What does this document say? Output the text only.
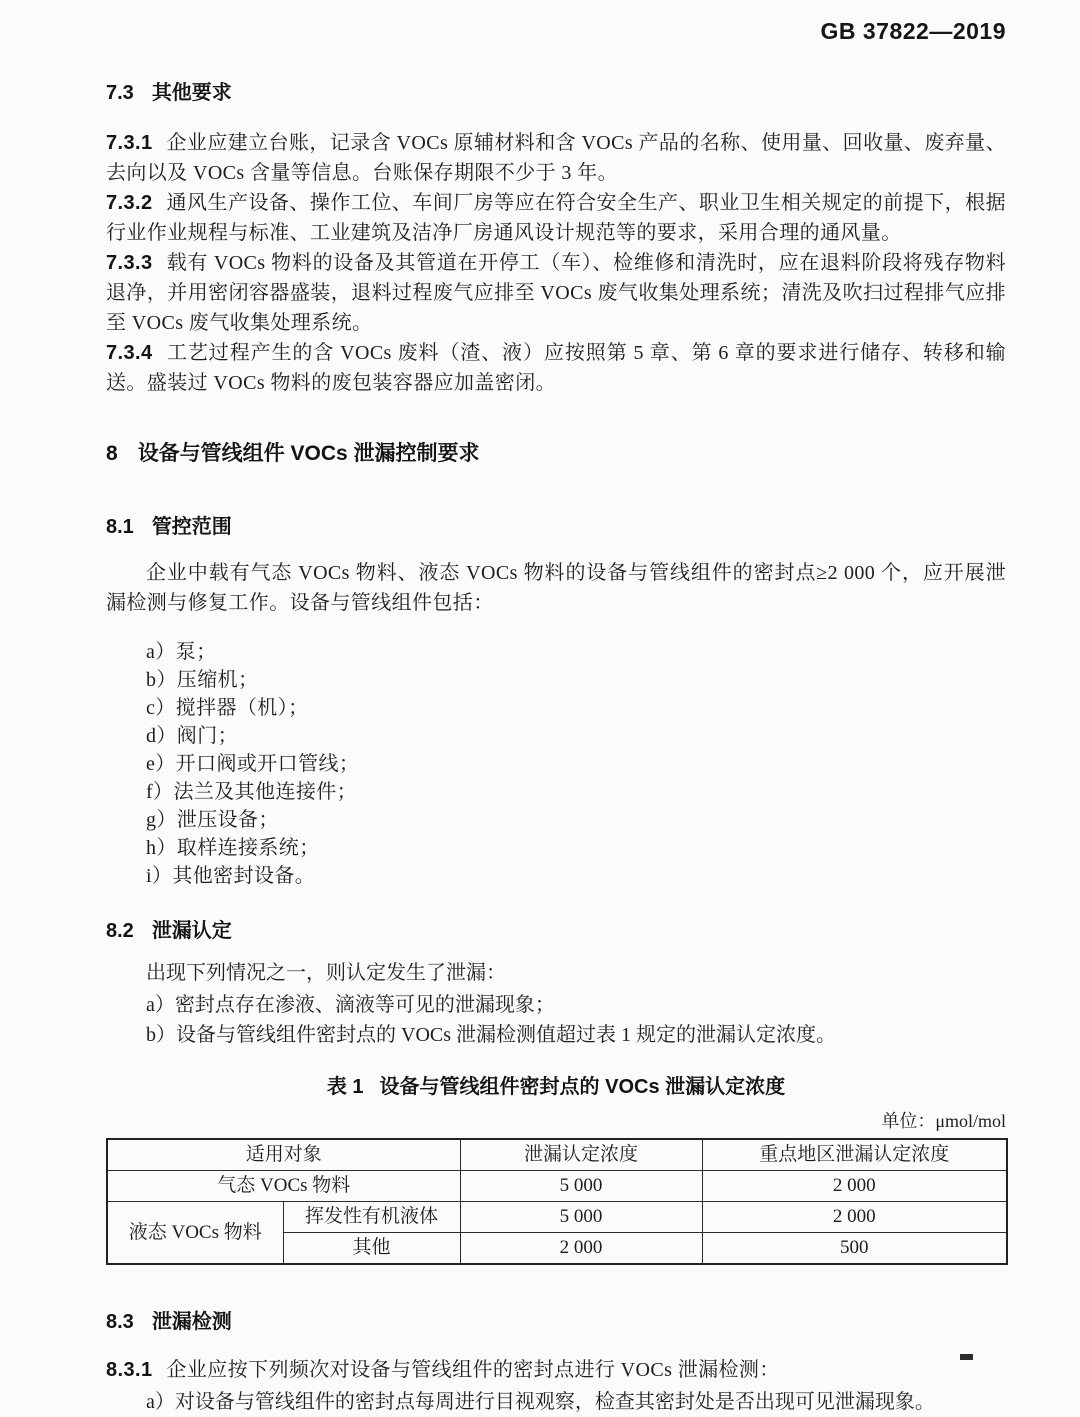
GB 37822—2019
7.3 其他要求

7.3.1 企业应建立台账，记录含 VOCs 原辅材料和含 VOCs 产品的名称、使用量、回收量、废弃量、去向以及 VOCs 含量等信息。台账保存期限不少于 3 年。

7.3.2 通风生产设备、操作工位、车间厂房等应在符合安全生产、职业卫生相关规定的前提下，根据行业作业规程与标准、工业建筑及洁净厂房通风设计规范等的要求，采用合理的通风量。

7.3.3 载有 VOCs 物料的设备及其管道在开停工（车）、检维修和清洗时，应在退料阶段将残存物料退净，并用密闭容器盛装，退料过程废气应排至 VOCs 废气收集处理系统；清洗及吹扫过程排气应排至 VOCs 废气收集处理系统。

7.3.4 工艺过程产生的含 VOCs 废料（渣、液）应按照第 5 章、第 6 章的要求进行储存、转移和输送。盛装过 VOCs 物料的废包装容器应加盖密闭。

8 设备与管线组件 VOCs 泄漏控制要求
8.1 管控范围

企业中载有气态 VOCs 物料、液态 VOCs 物料的设备与管线组件的密封点≥2 000 个，应开展泄漏检测与修复工作。设备与管线组件包括：

a）泵；
b）压缩机；
c）搅拌器（机）；
d）阀门；
e）开口阀或开口管线；
f）法兰及其他连接件；
g）泄压设备；
h）取样连接系统；
i）其他密封设备。
8.2 泄漏认定

出现下列情况之一，则认定发生了泄漏：

a）密封点存在渗液、滴液等可见的泄漏现象；
b）设备与管线组件密封点的 VOCs 泄漏检测值超过表 1 规定的泄漏认定浓度。
表 1 设备与管线组件密封点的 VOCs 泄漏认定浓度
单位：μmol/mol
适用对象		泄漏认定浓度	重点地区泄漏认定浓度
气态 VOCs 物料		5 000	2 000
液态 VOCs 物料	挥发性有机液体	5 000	2 000
	其他	2 000	500
8.3 泄漏检测

8.3.1 企业应按下列频次对设备与管线组件的密封点进行 VOCs 泄漏检测：

a）对设备与管线组件的密封点每周进行目视观察，检查其密封处是否出现可见泄漏现象。
